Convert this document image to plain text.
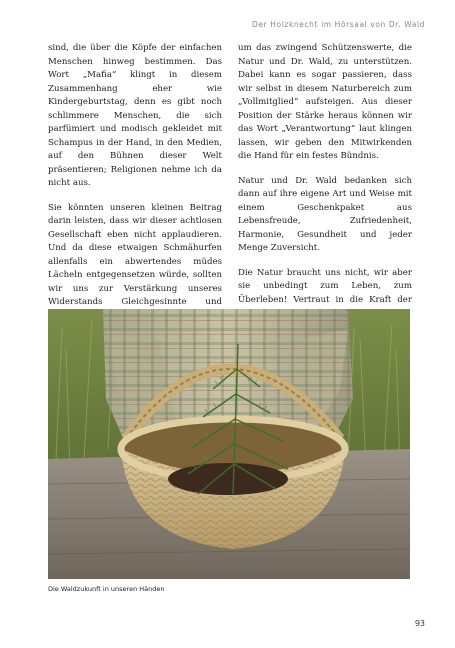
Der Holzknecht im Hörsaal von Dr. Wald

sind, die über die Köpfe der einfachen Menschen hinweg bestimmen. Das Wort „Mafia“ klingt in diesem Zusammenhang eher wie Kindergeburtstag, denn es gibt noch schlimmere Menschen, die sich parfümiert und modisch gekleidet mit Schampus in der Hand, in den Medien, auf den Bühnen dieser Welt präsentieren; Religionen nehme ich da nicht aus.

Sie könnten unseren kleinen Beitrag darin leisten, dass wir dieser achtlosen Gesellschaft eben nicht applaudieren. Und da diese etwaigen Schmähurfen allenfalls ein abwertendes müdes Lächeln entgegensetzen würde, sollten wir uns zur Verstärkung unseres Widerstands Gleichgesinnte und

um das zwingend Schützenswerte, die Natur und Dr. Wald, zu unterstützen. Dabei kann es sogar passieren, dass wir selbst in diesem Naturbereich zum „Vollmitglied“ aufsteigen. Aus dieser Position der Stärke heraus können wir das Wort „Verantwortung“ laut klingen lassen, wir geben den Mitwirkenden die Hand für ein festes Bündnis.

Natur und Dr. Wald bedanken sich dann auf ihre eigene Art und Weise mit einem Geschenkpaket aus Lebensfreude, Zufriedenheit, Harmonie, Gesundheit und jeder Menge Zuversicht.

Die Natur braucht uns nicht, wir aber sie unbedingt zum Leben, zum Überleben! Vertraut in die Kraft der

Die Waldzukunft in unseren Händen
93
